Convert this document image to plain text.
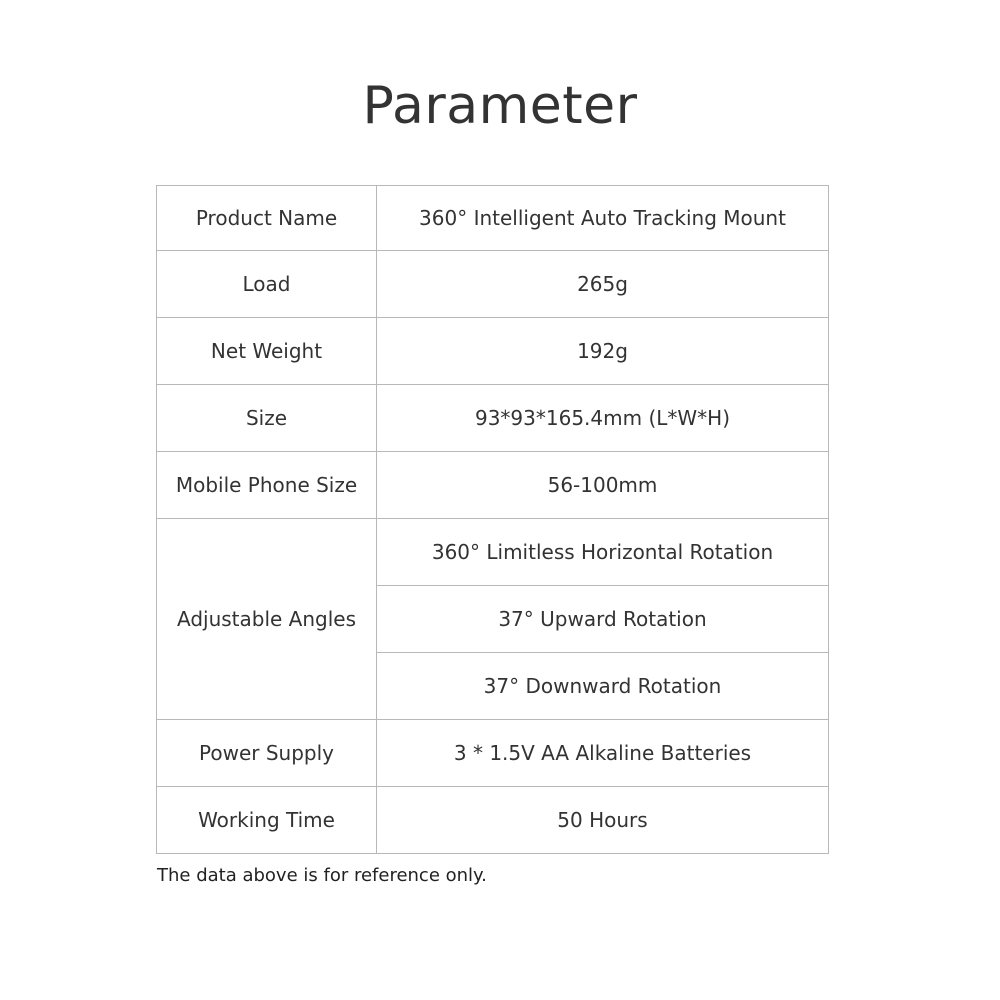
Parameter
Product Name	360° Intelligent Auto Tracking Mount
Load	265g
Net Weight	192g
Size	93*93*165.4mm (L*W*H)
Mobile Phone Size	56-100mm
Adjustable Angles	360° Limitless Horizontal Rotation
	37° Upward Rotation
	37° Downward Rotation
Power Supply	3 * 1.5V AA Alkaline Batteries
Working Time	50 Hours

The data above is for reference only.
